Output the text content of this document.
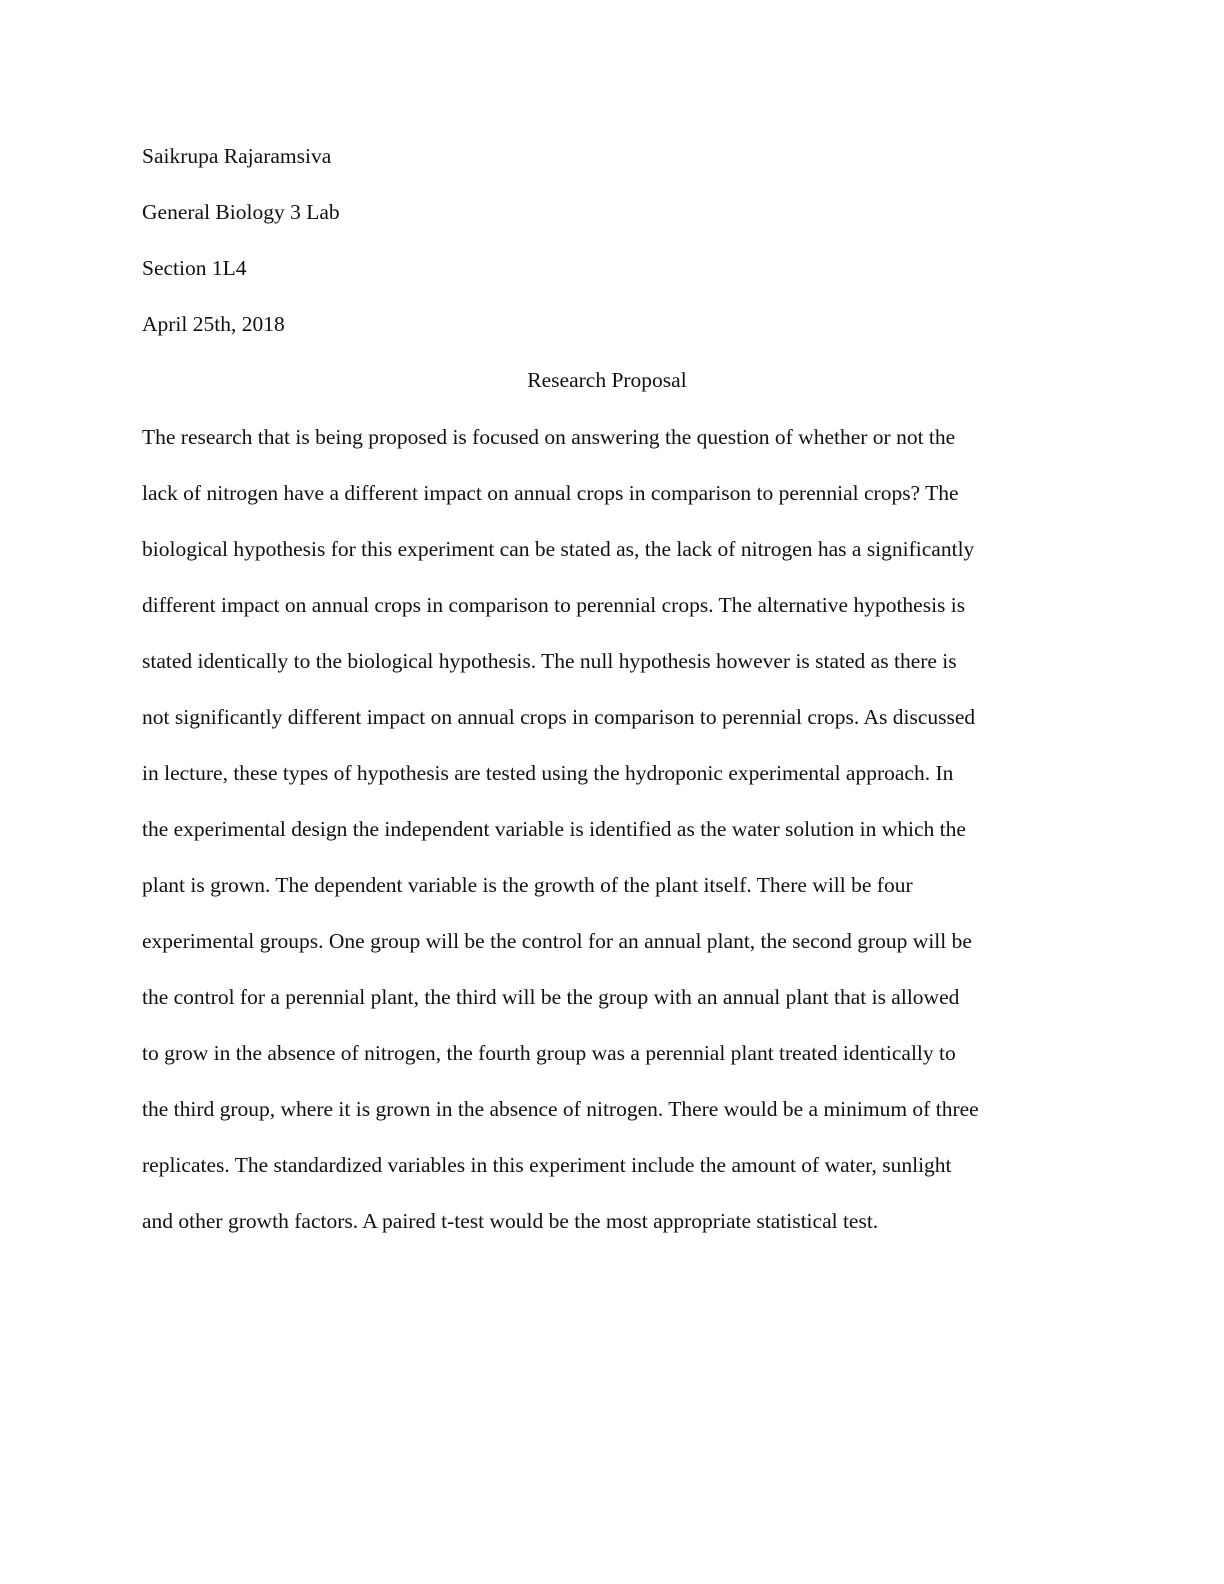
Saikrupa Rajaramsiva
General Biology 3 Lab
Section 1L4
April 25th, 2018
Research Proposal
The research that is being proposed is focused on answering the question of whether or not the
lack of nitrogen have a different impact on annual crops in comparison to perennial crops? The
biological hypothesis for this experiment can be stated as, the lack of nitrogen has a significantly
different impact on annual crops in comparison to perennial crops. The alternative hypothesis is
stated identically to the biological hypothesis. The null hypothesis however is stated as there is
not significantly different impact on annual crops in comparison to perennial crops. As discussed
in lecture, these types of hypothesis are tested using the hydroponic experimental approach. In
the experimental design the independent variable is identified as the water solution in which the
plant is grown. The dependent variable is the growth of the plant itself. There will be four
experimental groups. One group will be the control for an annual plant, the second group will be
the control for a perennial plant, the third will be the group with an annual plant that is allowed
to grow in the absence of nitrogen, the fourth group was a perennial plant treated identically to
the third group, where it is grown in the absence of nitrogen. There would be a minimum of three
replicates. The standardized variables in this experiment include the amount of water, sunlight
and other growth factors. A paired t-test would be the most appropriate statistical test.
